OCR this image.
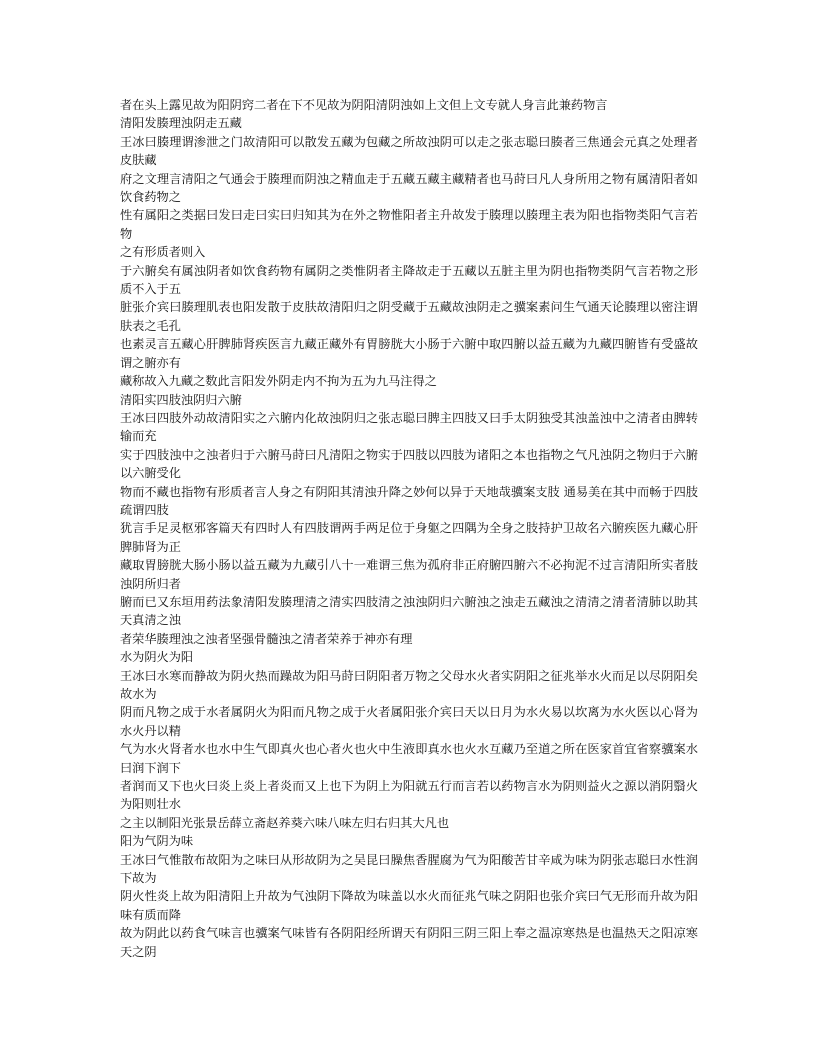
者在头上露见故为阳阴窍二者在下不见故为阴阳清阴浊如上文但上文专就人身言此兼药物言

清阳发腠理浊阴走五藏

王冰曰腠理谓渗泄之门故清阳可以散发五藏为包藏之所故浊阴可以走之张志聪曰腠者三焦通会元真之处理者皮肤藏

府之文理言清阳之气通会于腠理而阴浊之精血走于五藏五藏主藏精者也马莳曰凡人身所用之物有属清阳者如饮食药物之

性有属阳之类据曰发曰走曰实曰归知其为在外之物惟阳者主升故发于腠理以腠理主表为阳也指物类阳气言若物

之有形质者则入

于六腑矣有属浊阴者如饮食药物有属阴之类惟阴者主降故走于五藏以五脏主里为阴也指物类阴气言若物之形质不入于五

脏张介宾曰腠理肌表也阳发散于皮肤故清阳归之阴受藏于五藏故浊阴走之骥案素问生气通天论腠理以密注谓肤表之毛孔

也素灵言五藏心肝脾肺肾疾医言九藏正藏外有胃膀胱大小肠于六腑中取四腑以益五藏为九藏四腑皆有受盛故谓之腑亦有

藏称故入九藏之数此言阳发外阴走内不拘为五为九马注得之

清阳实四肢浊阴归六腑

王冰曰四肢外动故清阳实之六腑内化故浊阴归之张志聪曰脾主四肢又曰手太阴独受其浊盖浊中之清者由脾转输而充

实于四肢浊中之浊者归于六腑马莳曰凡清阳之物实于四肢以四肢为诸阳之本也指物之气凡浊阴之物归于六腑以六腑受化

物而不藏也指物有形质者言人身之有阴阳其清浊升降之妙何以异于天地哉骥案支肢 通易美在其中而畅于四肢疏谓四肢

犹言手足灵枢邪客篇天有四时人有四肢谓两手两足位于身躯之四隅为全身之肢持护卫故名六腑疾医九藏心肝脾肺肾为正

藏取胃膀胱大肠小肠以益五藏为九藏引八十一难谓三焦为孤府非正府腑四腑六不必拘泥不过言清阳所实者肢浊阴所归者

腑而已又东垣用药法象清阳发腠理清之清实四肢清之浊浊阴归六腑浊之浊走五藏浊之清清之清者清肺以助其天真清之浊

者荣华腠理浊之浊者坚强骨髓浊之清者荣养于神亦有理

水为阴火为阳

王冰曰水寒而静故为阴火热而躁故为阳马莳曰阴阳者万物之父母水火者实阴阳之征兆举水火而足以尽阴阳矣故水为

阴而凡物之成于水者属阴火为阳而凡物之成于火者属阳张介宾曰天以日月为水火易以坎离为水火医以心肾为水火丹以精

气为水火肾者水也水中生气即真火也心者火也火中生液即真水也火水互藏乃至道之所在医家首宜省察骥案水曰润下润下

者润而又下也火曰炎上炎上者炎而又上也下为阴上为阳就五行而言若以药物言水为阴则益火之源以消阴翳火为阳则壮水

之主以制阳光张景岳薛立斋赵养葵六味八味左归右归其大凡也

阳为气阴为味

王冰曰气惟散布故阳为之味曰从形故阴为之吴昆曰臊焦香腥腐为气为阳酸苦甘辛咸为味为阴张志聪曰水性润下故为

阴火性炎上故为阳清阳上升故为气浊阴下降故为味盖以水火而征兆气味之阴阳也张介宾曰气无形而升故为阳味有质而降

故为阴此以药食气味言也骥案气味皆有各阴阳经所谓天有阴阳三阴三阳上奉之温凉寒热是也温热天之阳凉寒天之阴
